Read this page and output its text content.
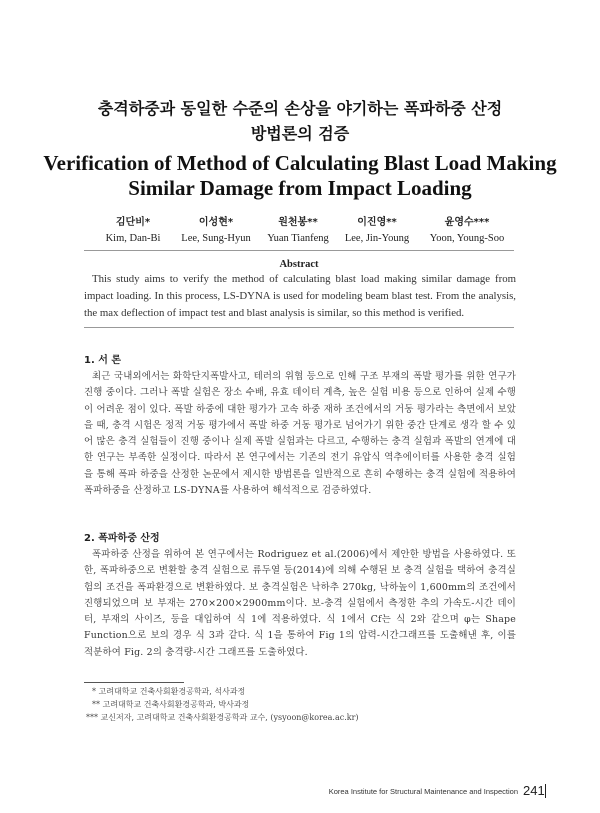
충격하중과 동일한 수준의 손상을 야기하는 폭파하중 산정
방법론의 검증
Verification of Method of Calculating Blast Load Making
Similar Damage from Impact Loading
김단비*
Kim, Dan-Bi
이성현*
Lee, Sung-Hyun
원천봉**
Yuan Tianfeng
이진영**
Lee, Jin-Young
윤영수***
Yoon, Young-Soo
Abstract
This study aims to verify the method of calculating blast load making similar damage from impact loading. In this process, LS-DYNA is used for modeling beam blast test. From the analysis, the max deflection of impact test and blast analysis is similar, so this method is verified.
1. 서 론
최근 국내외에서는 화학단지폭발사고, 테러의 위협 등으로 인해 구조 부재의 폭발 평가를 위한 연구가 진행 중이다. 그러나 폭발 실험은 장소 수배, 유효 데이터 계측, 높은 실험 비용 등으로 인하여 실제 수행이 어려운 점이 있다. 폭발 하중에 대한 평가가 고속 하중 재하 조건에서의 거동 평가라는 측면에서 보았을 때, 충격 시험은 정적 거동 평가에서 폭발 하중 거동 평가로 넘어가기 위한 중간 단계로 생각 할 수 있어 많은 충격 실험들이 진행 중이나 실제 폭발 실험과는 다르고, 수행하는 충격 실험과 폭발의 연계에 대한 연구는 부족한 실정이다. 따라서 본 연구에서는 기존의 전기 유압식 역추에이터를 사용한 충격 실험을 통해 폭파 하중을 산정한 논문에서 제시한 방법론을 일반적으로 흔히 수행하는 충격 실험에 적용하여 폭파하중을 산정하고 LS-DYNA를 사용하여 해석적으로 검증하였다.
2. 폭파하중 산정
폭파하중 산정을 위하여 본 연구에서는 Rodriguez et al.(2006)에서 제안한 방법을 사용하였다. 또한, 폭파하중으로 변환할 충격 실험으로 류두열 등(2014)에 의해 수행된 보 충격 실험을 택하여 충격실험의 조건을 폭파환경으로 변환하였다. 보 충격실험은 낙하추 270kg, 낙하높이 1,600mm의 조건에서 진행되었으며 보 부재는 270×200×2900mm이다. 보-충격 실험에서 측정한 추의 가속도-시간 데이터, 부재의 사이즈, 등을 대입하여 식 1에 적용하였다. 식 1에서 Cf는 식 2와 같으며 φ는 Shape Function으로 보의 경우 식 3과 같다. 식 1을 통하여 Fig 1의 압력-시간그래프를 도출해낸 후, 이를 적분하여 Fig. 2의 충격량-시간 그래프를 도출하였다.
* 고려대학교 건축사회환경공학과, 석사과정
** 고려대학교 건축사회환경공학과, 박사과정
*** 교신저자, 고려대학교 건축사회환경공학과 교수, (ysyoon@korea.ac.kr)
Korea Institute for Structural Maintenance and Inspection 241
